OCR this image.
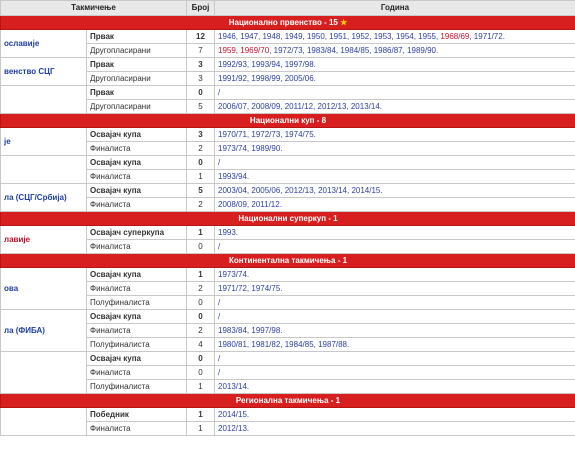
Такмичење		Број	Година
Национално првенство - 15 ★			
ославије	Првак	12	1946, 1947, 1948, 1949, 1950, 1951, 1952, 1953, 1954, 1955, 1968/69, 1971/72.
	Другопласирани	7	1959, 1969/70, 1972/73, 1983/84, 1984/85, 1986/87, 1989/90.
венство СЦГ	Првак	3	1992/93, 1993/94, 1997/98.
	Другопласирани	3	1991/92, 1998/99, 2005/06.
	Првак	0	/
	Другопласирани	5	2006/07, 2008/09, 2011/12, 2012/13, 2013/14.
Национални куп - 8			
је	Освајач купа	3	1970/71, 1972/73, 1974/75.
	Финалиста	2	1973/74, 1989/90.
	Освајач купа	0	/
	Финалиста	1	1993/94.
ла (СЦГ/Србија)	Освајач купа	5	2003/04, 2005/06, 2012/13, 2013/14, 2014/15.
	Финалиста	2	2008/09, 2011/12.
Национални суперкуп - 1			
лавије	Освајач суперкупа	1	1993.
	Финалиста	0	/
Континентална такмичења - 1			
ова	Освајач купа	1	1973/74.
	Финалиста	2	1971/72, 1974/75.
	Полуфиналиста	0	/
ла (ФИБА)	Освајач купа	0	/
	Финалиста	2	1983/84, 1997/98.
	Полуфиналиста	4	1980/81, 1981/82, 1984/85, 1987/88.
	Освајач купа	0	/
	Финалиста	0	/
	Полуфиналиста	1	2013/14.
Регионална такмичења - 1			
	Победник	1	2014/15.
	Финалиста	1	2012/13.
